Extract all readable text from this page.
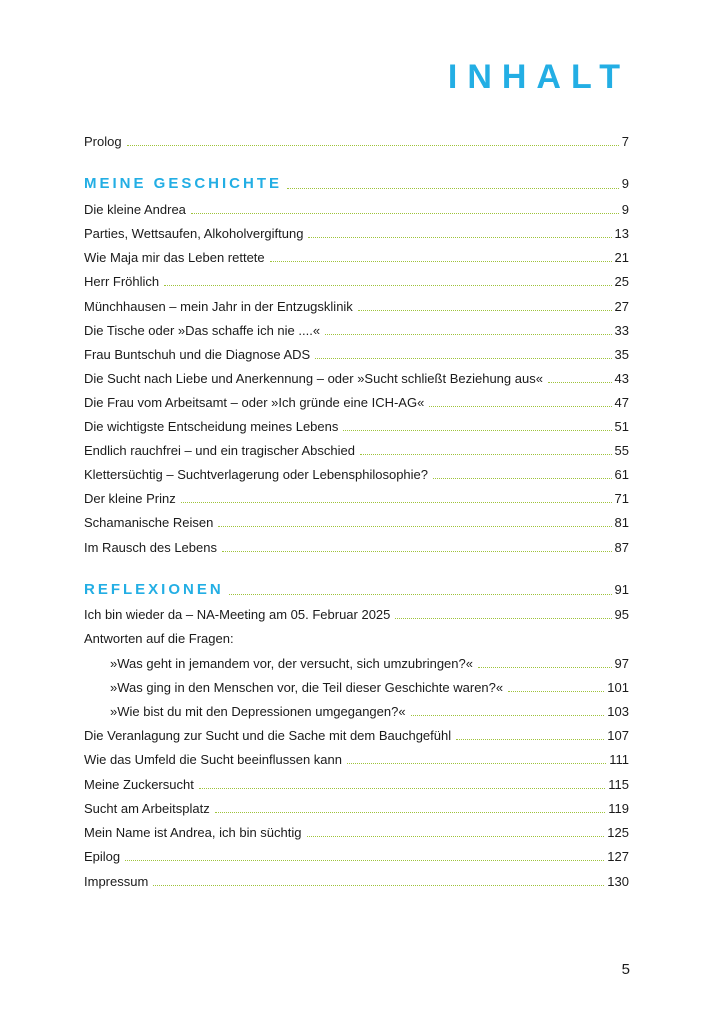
INHALT
Prolog	7
MEINE GESCHICHTE	9
Die kleine Andrea	9
Parties, Wettsaufen, Alkoholvergiftung	13
Wie Maja mir das Leben rettete	21
Herr Fröhlich	25
Münchhausen – mein Jahr in der Entzugsklinik	27
Die Tische oder »Das schaffe ich nie ....«	33
Frau Buntschuh und die Diagnose ADS	35
Die Sucht nach Liebe und Anerkennung – oder »Sucht schließt Beziehung aus«	43
Die Frau vom Arbeitsamt – oder »Ich gründe eine ICH-AG«	47
Die wichtigste Entscheidung meines Lebens	51
Endlich rauchfrei – und ein tragischer Abschied	55
Klettersüchtig – Suchtverlagerung oder Lebensphilosophie?	61
Der kleine Prinz	71
Schamanische Reisen	81
Im Rausch des Lebens	87
REFLEXIONEN	91
Ich bin wieder da – NA-Meeting am 05. Februar 2025	95
Antworten auf die Fragen:
»Was geht in jemandem vor, der versucht, sich umzubringen?«	97
»Was ging in den Menschen vor, die Teil dieser Geschichte waren?«	101
»Wie bist du mit den Depressionen umgegangen?«	103
Die Veranlagung zur Sucht und die Sache mit dem Bauchgefühl	107
Wie das Umfeld die Sucht beeinflussen kann	111
Meine Zuckersucht	115
Sucht am Arbeitsplatz	119
Mein Name ist Andrea, ich bin süchtig	125
Epilog	127
Impressum	130
5
